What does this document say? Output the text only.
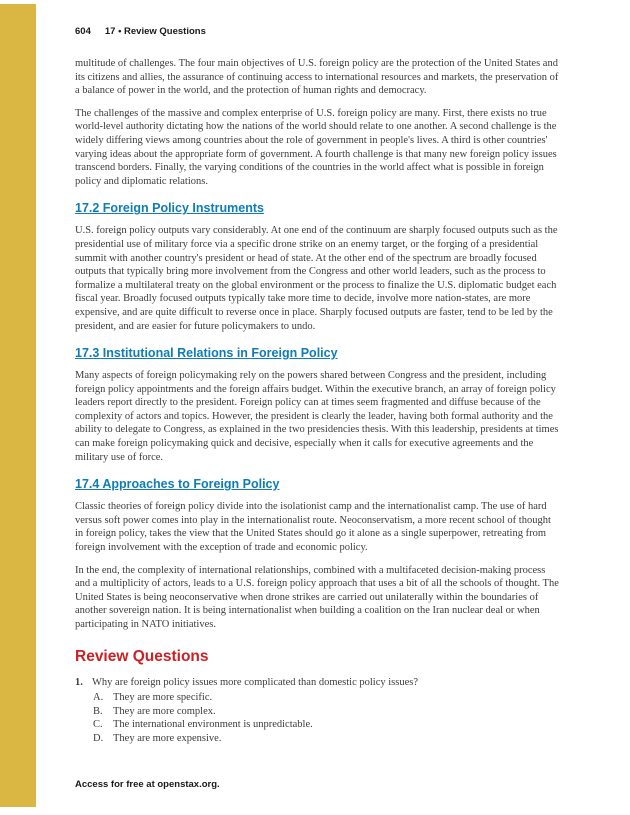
604 17 • Review Questions

multitude of challenges. The four main objectives of U.S. foreign policy are the protection of the United States and its citizens and allies, the assurance of continuing access to international resources and markets, the preservation of a balance of power in the world, and the protection of human rights and democracy.

The challenges of the massive and complex enterprise of U.S. foreign policy are many. First, there exists no true world-level authority dictating how the nations of the world should relate to one another. A second challenge is the widely differing views among countries about the role of government in people's lives. A third is other countries' varying ideas about the appropriate form of government. A fourth challenge is that many new foreign policy issues transcend borders. Finally, the varying conditions of the countries in the world affect what is possible in foreign policy and diplomatic relations.

17.2 Foreign Policy Instruments

U.S. foreign policy outputs vary considerably. At one end of the continuum are sharply focused outputs such as the presidential use of military force via a specific drone strike on an enemy target, or the forging of a presidential summit with another country's president or head of state. At the other end of the spectrum are broadly focused outputs that typically bring more involvement from the Congress and other world leaders, such as the process to formalize a multilateral treaty on the global environment or the process to finalize the U.S. diplomatic budget each fiscal year. Broadly focused outputs typically take more time to decide, involve more nation-states, are more expensive, and are quite difficult to reverse once in place. Sharply focused outputs are faster, tend to be led by the president, and are easier for future policymakers to undo.

17.3 Institutional Relations in Foreign Policy

Many aspects of foreign policymaking rely on the powers shared between Congress and the president, including foreign policy appointments and the foreign affairs budget. Within the executive branch, an array of foreign policy leaders report directly to the president. Foreign policy can at times seem fragmented and diffuse because of the complexity of actors and topics. However, the president is clearly the leader, having both formal authority and the ability to delegate to Congress, as explained in the two presidencies thesis. With this leadership, presidents at times can make foreign policymaking quick and decisive, especially when it calls for executive agreements and the military use of force.

17.4 Approaches to Foreign Policy

Classic theories of foreign policy divide into the isolationist camp and the internationalist camp. The use of hard versus soft power comes into play in the internationalist route. Neoconservatism, a more recent school of thought in foreign policy, takes the view that the United States should go it alone as a single superpower, retreating from foreign involvement with the exception of trade and economic policy.

In the end, the complexity of international relationships, combined with a multifaceted decision-making process and a multiplicity of actors, leads to a U.S. foreign policy approach that uses a bit of all the schools of thought. The United States is being neoconservative when drone strikes are carried out unilaterally within the boundaries of another sovereign nation. It is being internationalist when building a coalition on the Iran nuclear deal or when participating in NATO initiatives.

Review Questions
1. Why are foreign policy issues more complicated than domestic policy issues?
A. They are more specific.
B. They are more complex.
C. The international environment is unpredictable.
D. They are more expensive.
Access for free at openstax.org.
